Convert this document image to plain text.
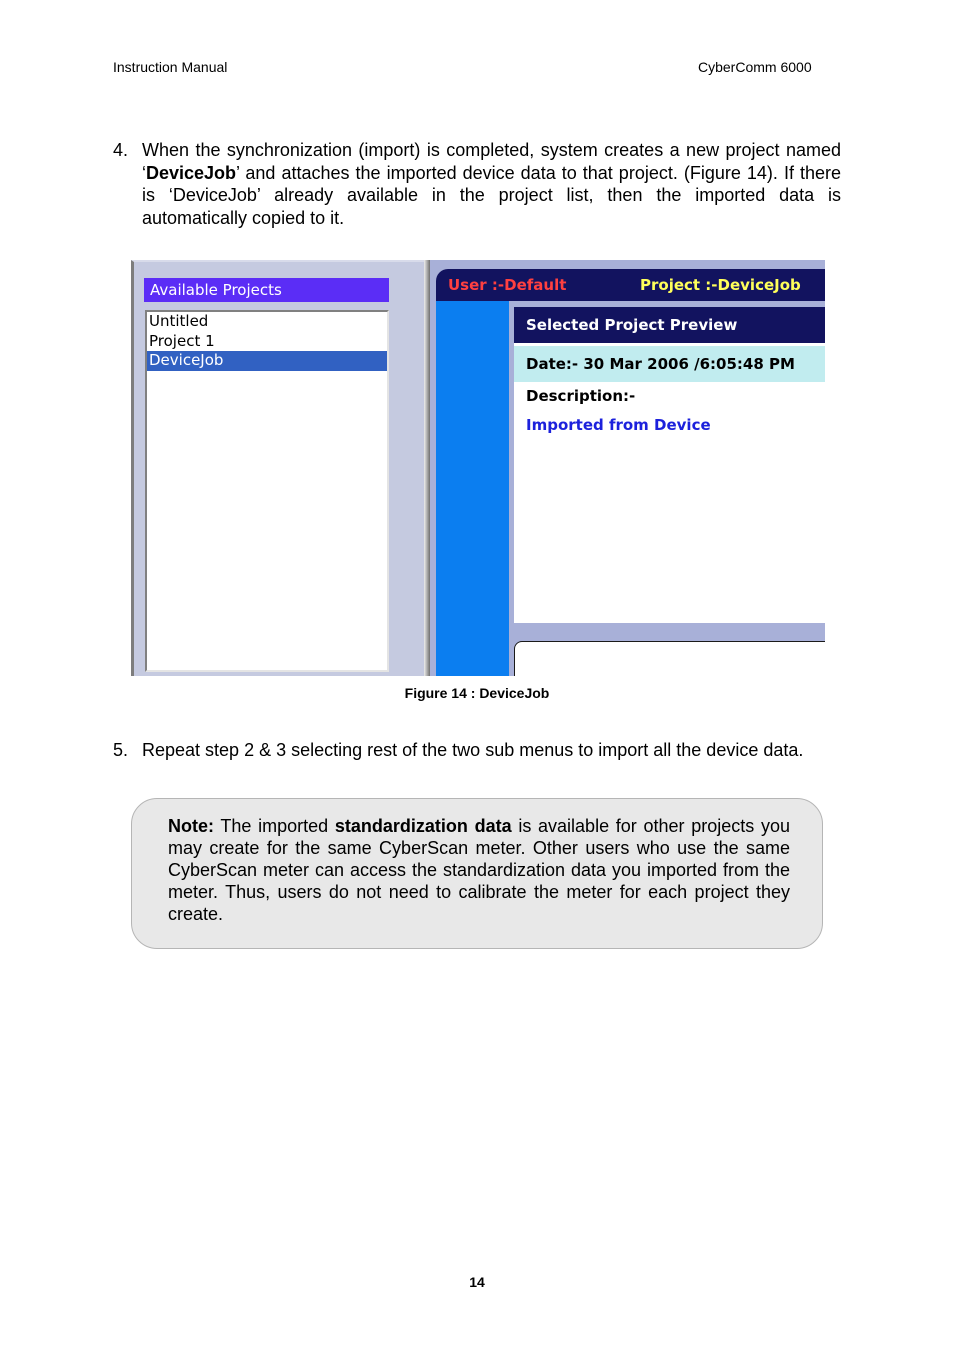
Instruction Manual	CyberComm 6000
4. When the synchronization (import) is completed, system creates a new project named ‘DeviceJob’ and attaches the imported device data to that project. (Figure 14). If there is ‘DeviceJob’ already available in the project list, then the imported data is automatically copied to it.
Available Projects
Untitled
Project 1
DeviceJob
User :-Default	Project :-DeviceJob
Selected Project Preview
Date:- 30 Mar 2006 /6:05:48 PM
Description:-
Imported from Device
Figure 14 : DeviceJob
5. Repeat step 2 & 3 selecting rest of the two sub menus to import all the device data.
Note: The imported standardization data is available for other projects you may create for the same CyberScan meter. Other users who use the same CyberScan meter can access the standardization data you imported from the meter. Thus, users do not need to calibrate the meter for each project they create.
14
